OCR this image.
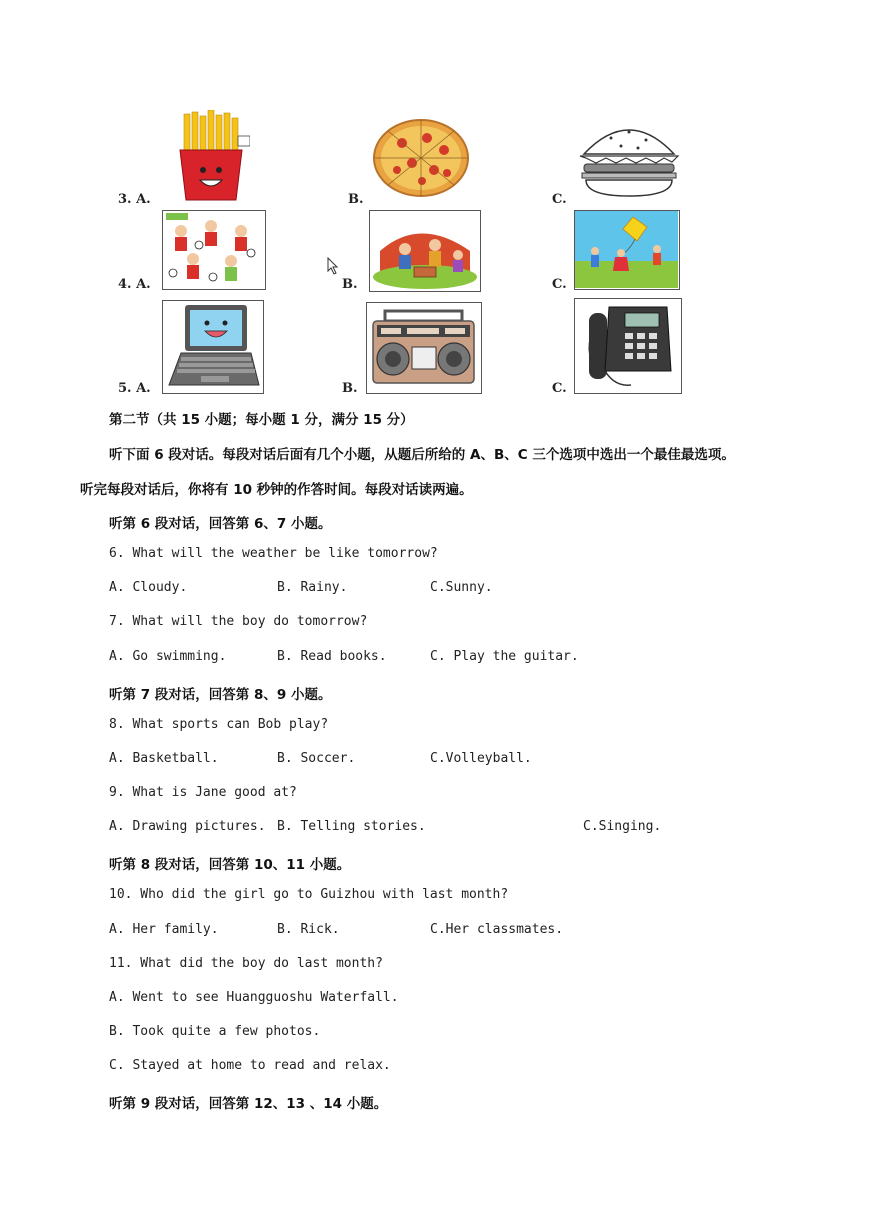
3. A.	B.	C.
4. A.	B.	C.
5. A.	B.	C.
第二节（共 15 小题；每小题 1 分，满分 15 分）
听下面 6 段对话。每段对话后面有几个小题，从题后所给的 A、B、C 三个选项中选出一个最佳最选项。
听完每段对话后，你将有 10 秒钟的作答时间。每段对话读两遍。
听第 6 段对话，回答第 6、7 小题。
6. What will the weather be like tomorrow?
A. Cloudy.	B. Rainy.	C.Sunny.
7. What will the boy do tomorrow?
A. Go swimming.	B. Read books.	C. Play the guitar.
听第 7 段对话，回答第 8、9 小题。
8. What sports can Bob play?
A. Basketball.	B. Soccer.	C.Volleyball.
9. What is Jane good at?
A. Drawing pictures. B. Telling stories.	C.Singing.
听第 8 段对话，回答第 10、11 小题。
10. Who did the girl go to Guizhou with last month?
A. Her family.	B. Rick.	C.Her classmates.
11. What did the boy do last month?
A. Went to see Huangguoshu Waterfall.
B. Took quite a few photos.
C. Stayed at home to read and relax.
听第 9 段对话，回答第 12、13 、14 小题。
